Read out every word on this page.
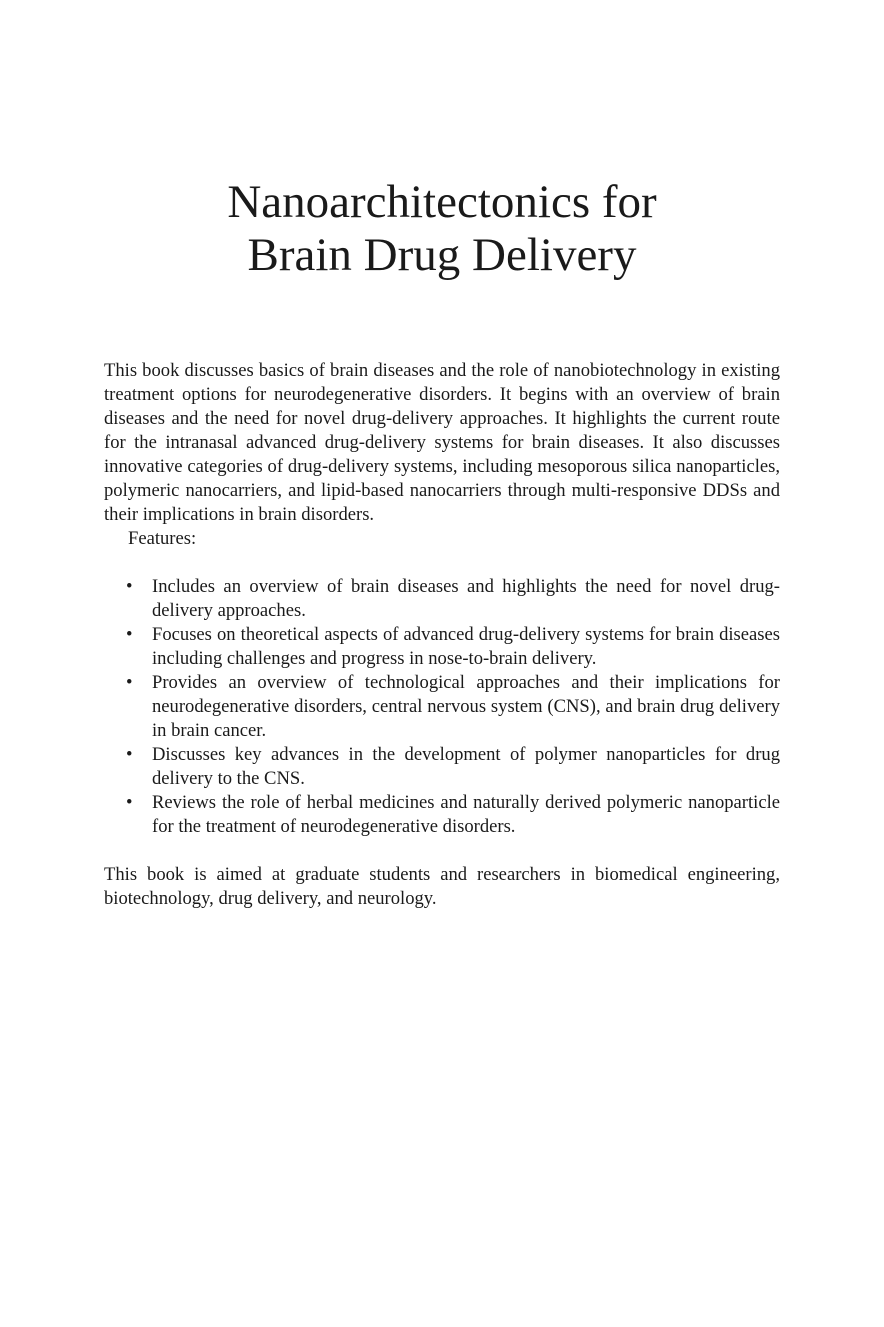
Nanoarchitectonics for
Brain Drug Delivery

This book discusses basics of brain diseases and the role of nanobiotechnology in existing treatment options for neurodegenerative disorders. It begins with an overview of brain diseases and the need for novel drug-delivery approaches. It highlights the current route for the intranasal advanced drug-delivery systems for brain diseases. It also discusses innovative categories of drug-delivery systems, including mesoporous silica nanoparticles, polymeric nanocarriers, and lipid-based nanocarriers through multi-responsive DDSs and their implications in brain disorders.

Features:

• Includes an overview of brain diseases and highlights the need for novel drug-delivery approaches.
• Focuses on theoretical aspects of advanced drug-delivery systems for brain diseases including challenges and progress in nose-to-brain delivery.
• Provides an overview of technological approaches and their implications for neurodegenerative disorders, central nervous system (CNS), and brain drug delivery in brain cancer.
• Discusses key advances in the development of polymer nanoparticles for drug delivery to the CNS.
• Reviews the role of herbal medicines and naturally derived polymeric nanoparticle for the treatment of neurodegenerative disorders.

This book is aimed at graduate students and researchers in biomedical engineering, biotechnology, drug delivery, and neurology.
